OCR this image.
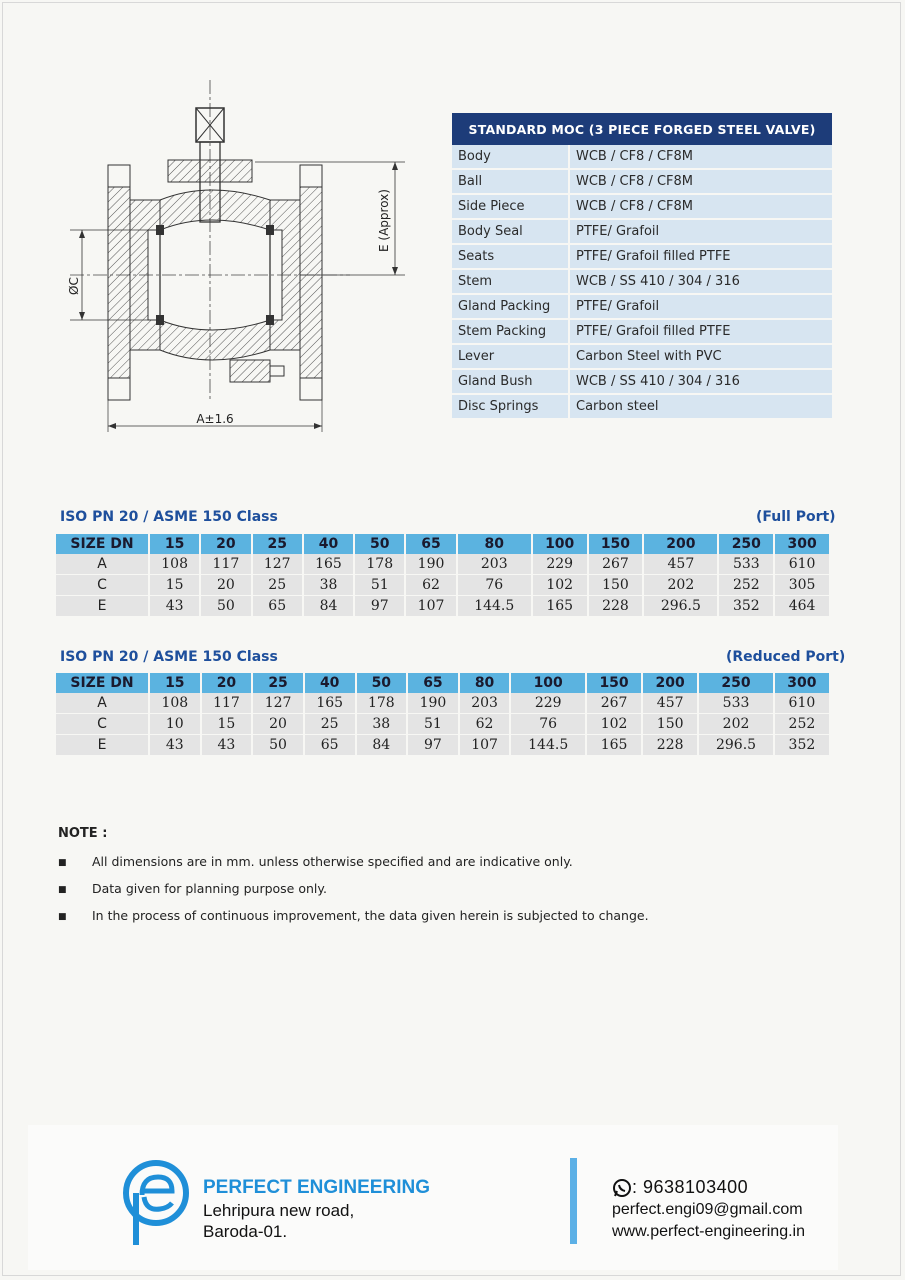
E (Approx)
ØC
A±1.6
STANDARD MOC (3 PIECE FORGED STEEL VALVE)	
Body	WCB / CF8 / CF8M
Ball	WCB / CF8 / CF8M
Side Piece	WCB / CF8 / CF8M
Body Seal	PTFE/ Grafoil
Seats	PTFE/ Grafoil filled PTFE
Stem	WCB / SS 410 / 304 / 316
Gland Packing	PTFE/ Grafoil
Stem Packing	PTFE/ Grafoil filled PTFE
Lever	Carbon Steel with PVC
Gland Bush	WCB / SS 410 / 304 / 316
Disc Springs	Carbon steel
ISO PN 20 / ASME 150 Class	(Full Port)
SIZE DN	15	20	25	40	50	65	80	100	150	200	250	300
A	108	117	127	165	178	190	203	229	267	457	533	610
C	15	20	25	38	51	62	76	102	150	202	252	305
E	43	50	65	84	97	107	144.5	165	228	296.5	352	464
ISO PN 20 / ASME 150 Class	(Reduced Port)
SIZE DN	15	20	25	40	50	65	80	100	150	200	250	300
A	108	117	127	165	178	190	203	229	267	457	533	610
C	10	15	20	25	38	51	62	76	102	150	202	252
E	43	43	50	65	84	97	107	144.5	165	228	296.5	352
NOTE :
■ All dimensions are in mm. unless otherwise specified and are indicative only.
■ Data given for planning purpose only.
■ In the process of continuous improvement, the data given herein is subjected to change.
PERFECT ENGINEERING
Lehripura new road,
Baroda-01.
: 9638103400
perfect.engi09@gmail.com
www.perfect-engineering.in
